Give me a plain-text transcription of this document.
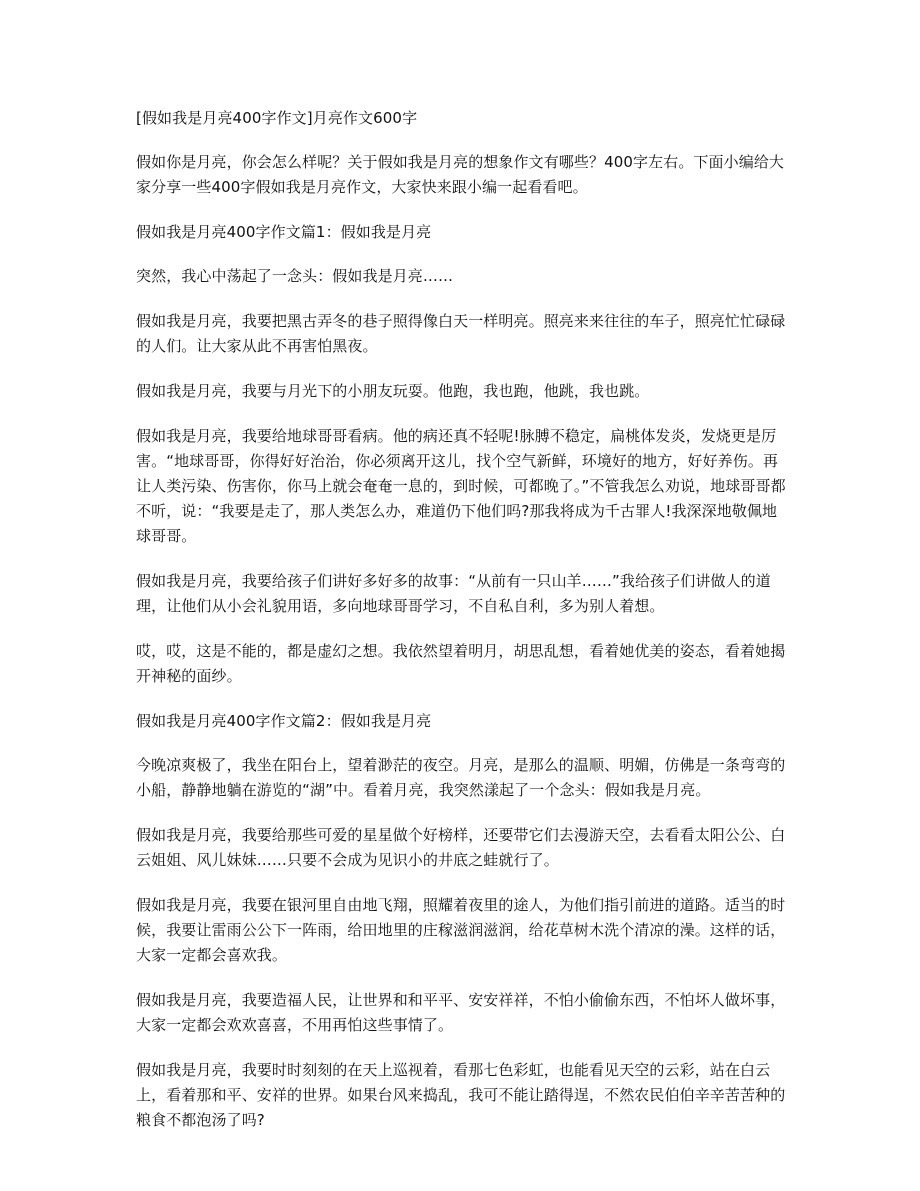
[假如我是月亮400字作文]月亮作文600字

假如你是月亮，你会怎么样呢？关于假如我是月亮的想象作文有哪些？400字左右。下面小编给大家分享一些400字假如我是月亮作文，大家快来跟小编一起看看吧。

假如我是月亮400字作文篇1：假如我是月亮

突然，我心中荡起了一念头：假如我是月亮……

假如我是月亮，我要把黑古弄冬的巷子照得像白天一样明亮。照亮来来往往的车子，照亮忙忙碌碌的人们。让大家从此不再害怕黑夜。

假如我是月亮，我要与月光下的小朋友玩耍。他跑，我也跑，他跳，我也跳。

假如我是月亮，我要给地球哥哥看病。他的病还真不轻呢!脉膊不稳定，扁桃体发炎，发烧更是厉害。“地球哥哥，你得好好治治，你必须离开这儿，找个空气新鲜，环境好的地方，好好养伤。再让人类污染、伤害你，你马上就会奄奄一息的，到时候，可都晚了。”不管我怎么劝说，地球哥哥都不听，说：“我要是走了，那人类怎么办，难道仍下他们吗?那我将成为千古罪人!我深深地敬佩地球哥哥。

假如我是月亮，我要给孩子们讲好多好多的故事：“从前有一只山羊……”我给孩子们讲做人的道理，让他们从小会礼貌用语，多向地球哥哥学习，不自私自利，多为别人着想。

哎，哎，这是不能的，都是虚幻之想。我依然望着明月，胡思乱想，看着她优美的姿态，看着她揭开神秘的面纱。

假如我是月亮400字作文篇2：假如我是月亮

今晚凉爽极了，我坐在阳台上，望着渺茫的夜空。月亮，是那么的温顺、明媚，仿佛是一条弯弯的小船，静静地躺在游览的“湖”中。看着月亮，我突然漾起了一个念头：假如我是月亮。

假如我是月亮，我要给那些可爱的星星做个好榜样，还要带它们去漫游天空，去看看太阳公公、白云姐姐、风儿妹妹……只要不会成为见识小的井底之蛙就行了。

假如我是月亮，我要在银河里自由地飞翔，照耀着夜里的途人，为他们指引前进的道路。适当的时候，我要让雷雨公公下一阵雨，给田地里的庄稼滋润滋润，给花草树木洗个清凉的澡。这样的话，大家一定都会喜欢我。

假如我是月亮，我要造福人民，让世界和和平平、安安祥祥，不怕小偷偷东西，不怕坏人做坏事，大家一定都会欢欢喜喜，不用再怕这些事情了。

假如我是月亮，我要时时刻刻的在天上巡视着，看那七色彩虹，也能看见天空的云彩，站在白云上，看着那和平、安祥的世界。如果台风来捣乱，我可不能让踏得逞，不然农民伯伯辛辛苦苦种的粮食不都泡汤了吗?
